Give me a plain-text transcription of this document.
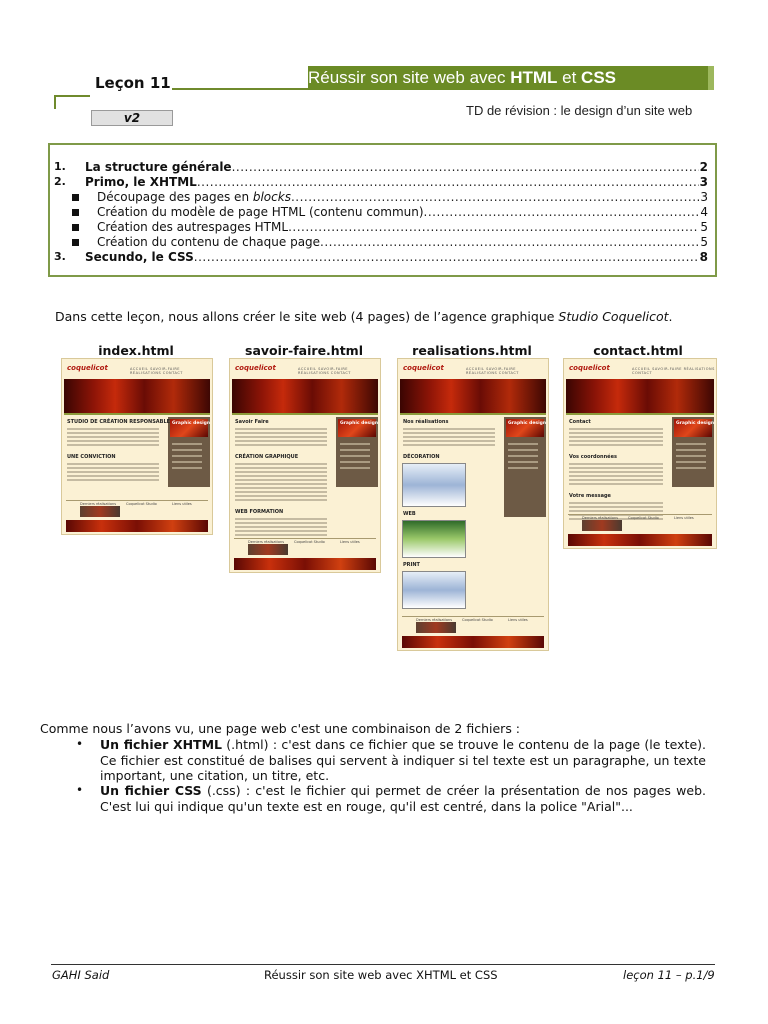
Leçon 11	Réussir son site web avec HTML et CSS
v2	TD de révision : le design d’un site web
1. La structure générale .....	2
2. Primo, le XHTML .....	3
Découpage des pages en blocks .....	3
Création du modèle de page HTML (contenu commun) .....	4
Création des autrespages HTML .....	5
Création du contenu de chaque page .....	5
3. Secundo, le CSS .....	8
Dans cette leçon, nous allons créer le site web (4 pages) de l’agence graphique Studio Coquelicot.
index.html
coquelicot	ACCUEIL SAVOIR-FAIRE RÉALISATIONS CONTACT
Graphic design
STUDIO DE CRÉATION RESPONSABLE
UNE CONVICTION
Derniers réalisations	Coquelicot Studio	Liens utiles
savoir-faire.html
coquelicot	ACCUEIL SAVOIR-FAIRE RÉALISATIONS CONTACT
Graphic design
Savoir Faire
CRÉATION GRAPHIQUE
WEB FORMATION
Derniers réalisations	Coquelicot Studio	Liens utiles
realisations.html
coquelicot	ACCUEIL SAVOIR-FAIRE RÉALISATIONS CONTACT
Graphic design
Nos réalisations
DÉCORATION
WEB
PRINT
Derniers réalisations	Coquelicot Studio	Liens utiles
contact.html
coquelicot	ACCUEIL SAVOIR-FAIRE RÉALISATIONS CONTACT
Graphic design
Contact
Vos coordonnées
Votre message
Derniers réalisations	Coquelicot Studio	Liens utiles
Comme nous l’avons vu, une page web c'est une combinaison de 2 fichiers :
• Un fichier XHTML (.html) : c'est dans ce fichier que se trouve le contenu de la page (le texte). Ce fichier est constitué de balises qui servent à indiquer si tel texte est un paragraphe, un texte important, une citation, un titre, etc.
• Un fichier CSS (.css) : c'est le fichier qui permet de créer la présentation de nos pages web. C'est lui qui indique qu'un texte est en rouge, qu'il est centré, dans la police "Arial"...
GAHI Said	Réussir son site web avec XHTML et CSS	leçon 11 – p.1/9
